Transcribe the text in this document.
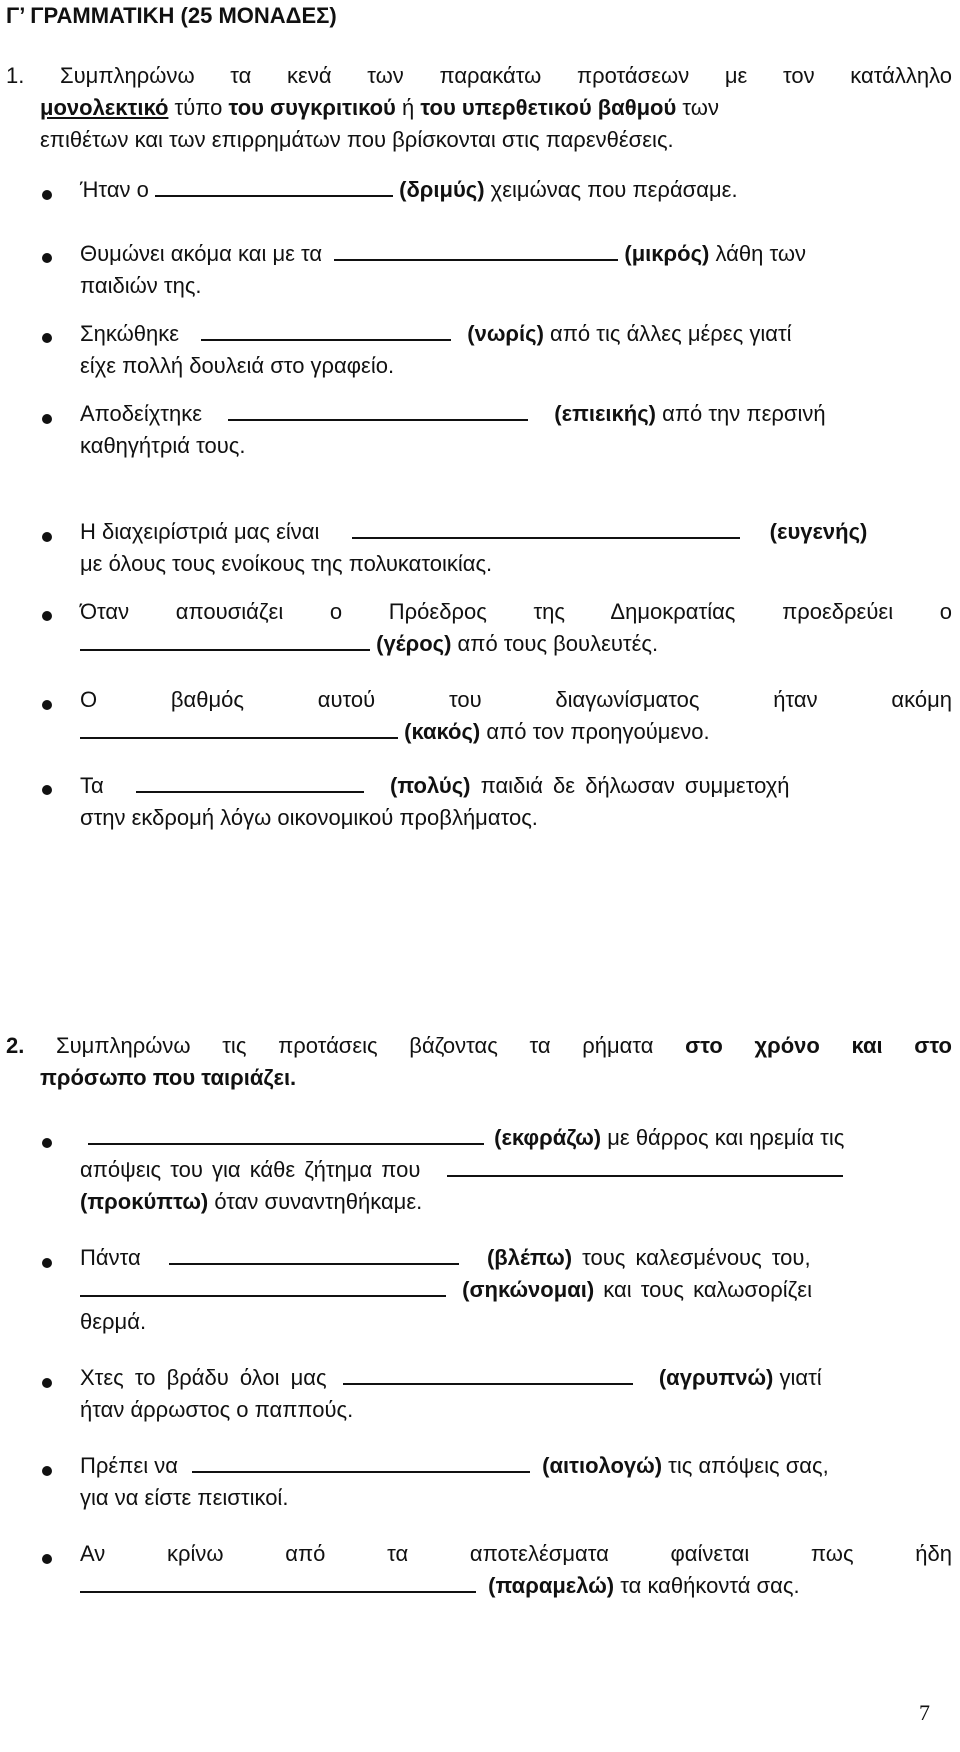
Γ’ ΓΡΑΜΜΑΤΙΚΗ (25 ΜΟΝΑΔΕΣ)
1. Συμπληρώνω τα κενά των παρακάτω προτάσεων με τον κατάλληλο
μονολεκτικό τύπο του συγκριτικού ή του υπερθετικού βαθμού των
επιθέτων και των επιρρημάτων που βρίσκονται στις παρενθέσεις.
Ήταν ο	(δριμύς) χειμώνας που περάσαμε.
Θυμώνει ακόμα και με τα	(μικρός) λάθη των
παιδιών της.
Σηκώθηκε	(νωρίς) από τις άλλες μέρες γιατί
είχε πολλή δουλειά στο γραφείο.
Αποδείχτηκε	(επιεικής) από την περσινή
καθηγήτριά τους.
Η διαχειρίστριά μας είναι	(ευγενής)
με όλους τους ενοίκους της πολυκατοικίας.
Όταν απουσιάζει ο Πρόεδρος της Δημοκρατίας προεδρεύει ο
(γέρος) από τους βουλευτές.
Ο βαθμός αυτού του διαγωνίσματος ήταν ακόμη
(κακός) από τον προηγούμενο.
Τα	(πολύς) παιδιά δε δήλωσαν συμμετοχή
στην εκδρομή λόγω οικονομικού προβλήματος.
2. Συμπληρώνω τις προτάσεις βάζοντας τα ρήματα στο χρόνο και στο
πρόσωπο που ταιριάζει.
(εκφράζω) με θάρρος και ηρεμία τις
απόψεις του για κάθε ζήτημα που
(προκύπτω) όταν συναντηθήκαμε.
Πάντα	(βλέπω) τους καλεσμένους του,
(σηκώνομαι) και τους καλωσορίζει
θερμά.
Χτες το βράδυ όλοι μας	(αγρυπνώ) γιατί
ήταν άρρωστος ο παππούς.
Πρέπει να	(αιτιολογώ) τις απόψεις σας,
για να είστε πειστικοί.
Αν κρίνω από τα αποτελέσματα φαίνεται πως ήδη
(παραμελώ) τα καθήκοντά σας.
7
